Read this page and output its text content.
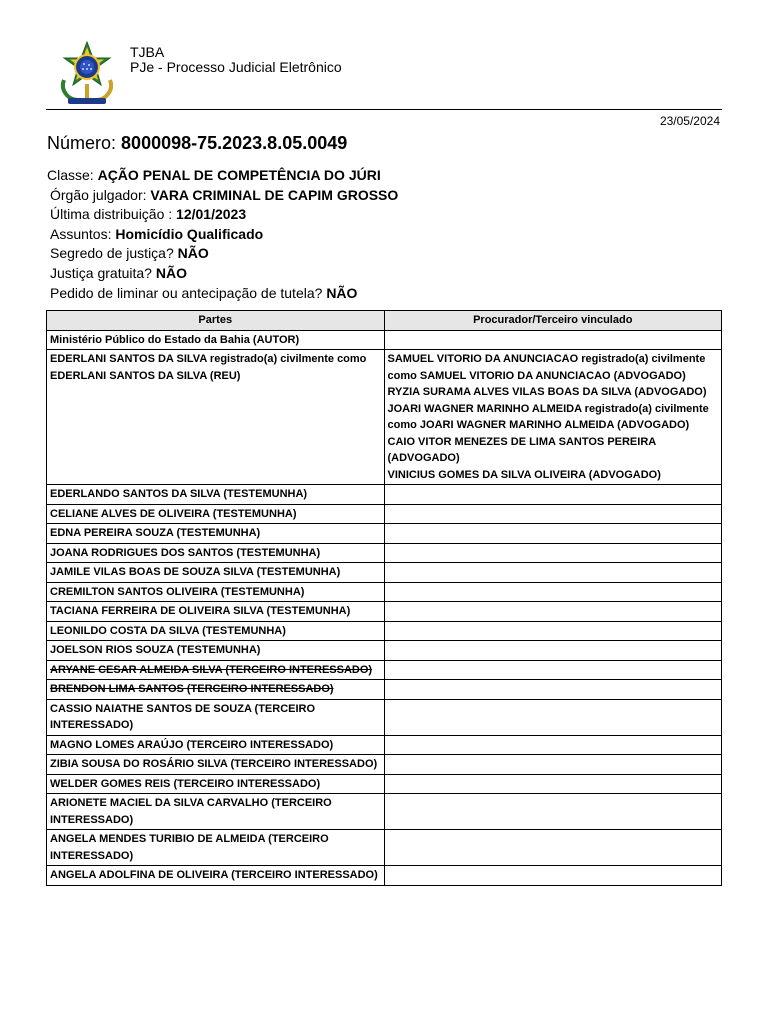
TJBA
PJe - Processo Judicial Eletrônico
23/05/2024
Número: 8000098-75.2023.8.05.0049
Classe: AÇÃO PENAL DE COMPETÊNCIA DO JÚRI
Órgão julgador: VARA CRIMINAL DE CAPIM GROSSO
Última distribuição : 12/01/2023
Assuntos: Homicídio Qualificado
Segredo de justiça? NÃO
Justiça gratuita? NÃO
Pedido de liminar ou antecipação de tutela? NÃO
Partes	Procurador/Terceiro vinculado
Ministério Público do Estado da Bahia (AUTOR)	
EDERLANI SANTOS DA SILVA registrado(a) civilmente como EDERLANI SANTOS DA SILVA (REU)	SAMUEL VITORIO DA ANUNCIACAO registrado(a) civilmente como SAMUEL VITORIO DA ANUNCIACAO (ADVOGADO)
RYZIA SURAMA ALVES VILAS BOAS DA SILVA (ADVOGADO)
JOARI WAGNER MARINHO ALMEIDA registrado(a) civilmente como JOARI WAGNER MARINHO ALMEIDA (ADVOGADO)
CAIO VITOR MENEZES DE LIMA SANTOS PEREIRA (ADVOGADO)
VINICIUS GOMES DA SILVA OLIVEIRA (ADVOGADO)

EDERLANDO SANTOS DA SILVA (TESTEMUNHA)	
CELIANE ALVES DE OLIVEIRA (TESTEMUNHA)	
EDNA PEREIRA SOUZA (TESTEMUNHA)	
JOANA RODRIGUES DOS SANTOS (TESTEMUNHA)	
JAMILE VILAS BOAS DE SOUZA SILVA (TESTEMUNHA)	
CREMILTON SANTOS OLIVEIRA (TESTEMUNHA)	
TACIANA FERREIRA DE OLIVEIRA SILVA (TESTEMUNHA)	
LEONILDO COSTA DA SILVA (TESTEMUNHA)	
JOELSON RIOS SOUZA (TESTEMUNHA)	
ARYANE CESAR ALMEIDA SILVA (TERCEIRO INTERESSADO)	
BRENDON LIMA SANTOS (TERCEIRO INTERESSADO)	
CASSIO NAIATHE SANTOS DE SOUZA (TERCEIRO INTERESSADO)	
MAGNO LOMES ARAÚJO (TERCEIRO INTERESSADO)	
ZIBIA SOUSA DO ROSÁRIO SILVA (TERCEIRO INTERESSADO)	
WELDER GOMES REIS (TERCEIRO INTERESSADO)	
ARIONETE MACIEL DA SILVA CARVALHO (TERCEIRO INTERESSADO)	
ANGELA MENDES TURIBIO DE ALMEIDA (TERCEIRO INTERESSADO)	
ANGELA ADOLFINA DE OLIVEIRA (TERCEIRO INTERESSADO)	
